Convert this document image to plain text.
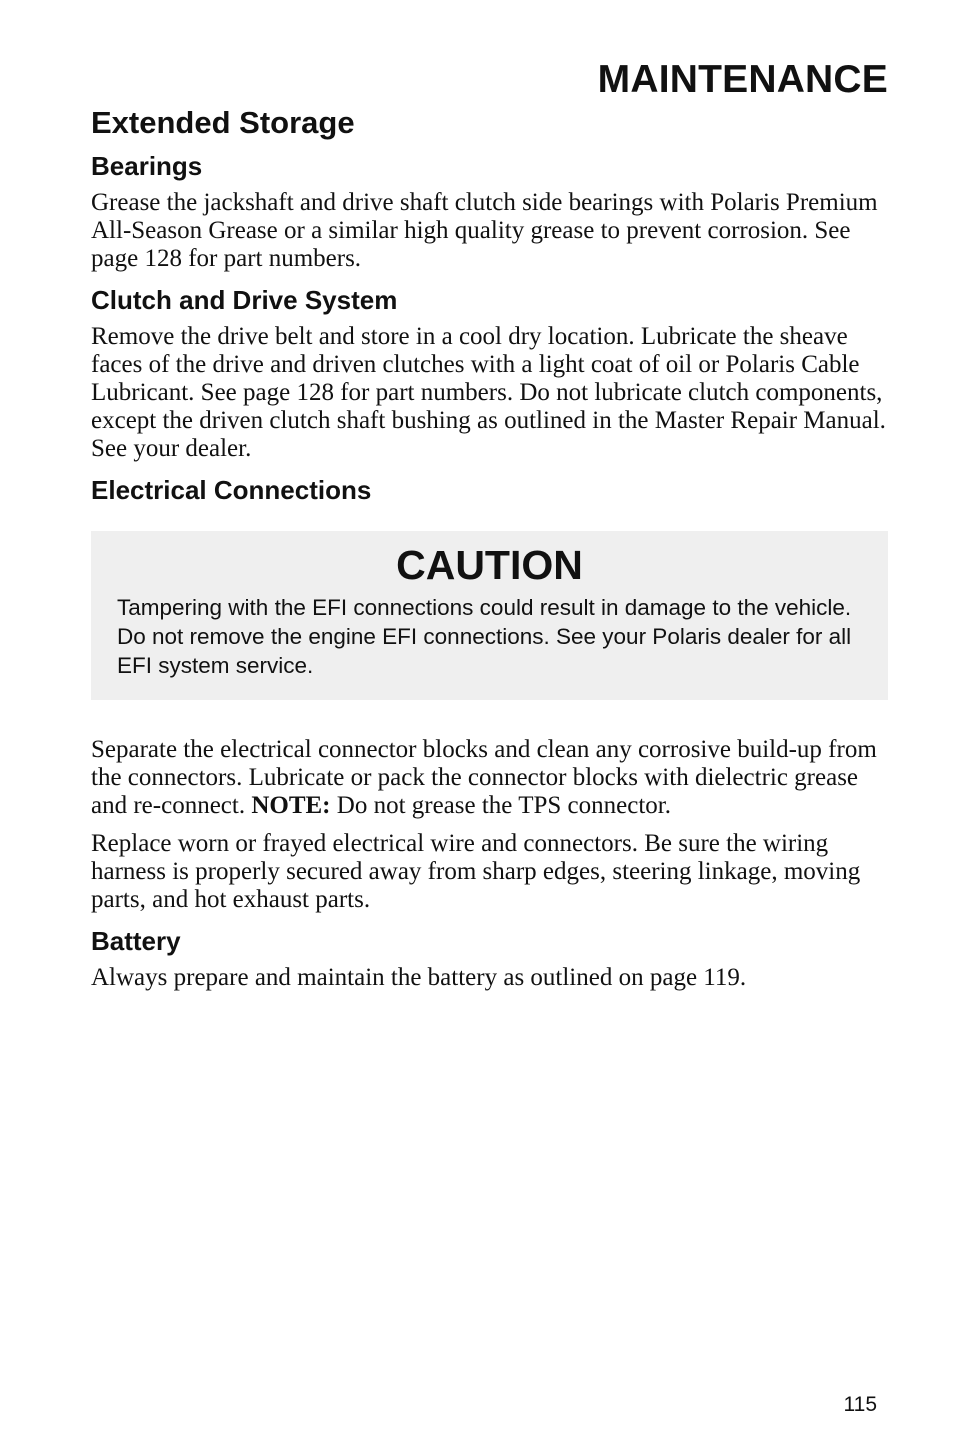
MAINTENANCE
Extended Storage
Bearings

Grease the jackshaft and drive shaft clutch side bearings with Polaris Premium All-Season Grease or a similar high quality grease to prevent corrosion. See page 128 for part numbers.

Clutch and Drive System

Remove the drive belt and store in a cool dry location. Lubricate the sheave faces of the drive and driven clutches with a light coat of oil or Polaris Cable Lubricant. See page 128 for part numbers. Do not lubricate clutch components, except the driven clutch shaft bushing as outlined in the Master Repair Manual. See your dealer.

Electrical Connections
CAUTION

Tampering with the EFI connections could result in damage to the vehicle. Do not remove the engine EFI connections. See your Polaris dealer for all EFI system service.

Separate the electrical connector blocks and clean any corrosive build-up from the connectors. Lubricate or pack the connector blocks with dielectric grease and re-connect. NOTE: Do not grease the TPS connector.

Replace worn or frayed electrical wire and connectors. Be sure the wiring harness is properly secured away from sharp edges, steering linkage, moving parts, and hot exhaust parts.

Battery

Always prepare and maintain the battery as outlined on page 119.

115
